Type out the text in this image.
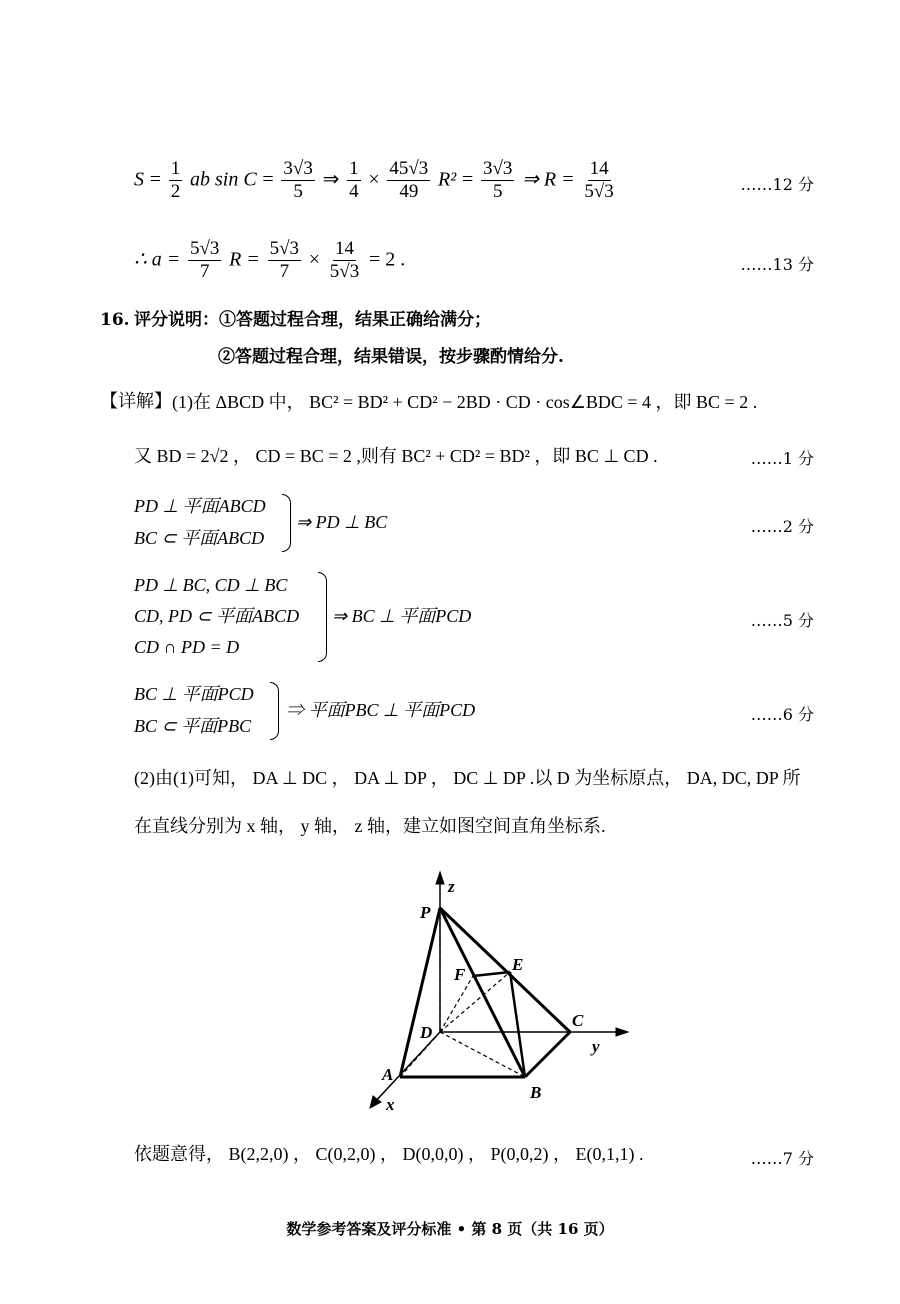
$S = \frac{1}{2}$ ab $\sin C = \frac{3√3}{5}$ ⇒ $\frac{1}{4} \times \frac{45√3}{49} R^2 = \frac{3√3}{5}$ ⇒ $R = \frac{14}{5√3}$	……12 分
∴ $a = \frac{5√3}{7}$ $R = \frac{5√3}{7} \times \frac{14}{5√3} = 2$ .	……13 分
16. 评分说明：①答题过程合理，结果正确给满分；
②答题过程合理，结果错误，按步骤酌情给分.
【详解】 (1)在 ΔBCD 中， BC² = BD² + CD² − 2BD · CD · cos∠BDC = 4 ，即 BC = 2 .
又 BD = 2√2 ， CD = BC = 2 ,则有 BC² + CD² = BD² ，即 BC ⊥ CD .	……1 分
PD ⊥ 平面ABCD
BC ⊂ 平面ABCD
⇒ PD ⊥ BC	……2 分
PD ⊥ BC, CD ⊥ BC
CD, PD ⊂ 平面ABCD
CD ∩ PD = D
⇒ BC ⊥ 平面PCD	……5 分
BC ⊥ 平面PCD
BC ⊂ 平面PBC
⇒ 平面PBC ⊥ 平面PCD	……6 分
(2)由(1)可知， DA ⊥ DC ， DA ⊥ DP ， DC ⊥ DP .以 D 为坐标原点， DA, DC, DP 所
在直线分别为 x 轴， y 轴， z 轴，建立如图空间直角坐标系.
z
P
E
F
D
C
y
A
B
x
依题意得， B(2,2,0) ， C(0,2,0) ， D(0,0,0) ， P(0,0,2) ， E(0,1,1) .	……7 分
数学参考答案及评分标准 • 第 8 页（共 16 页）
